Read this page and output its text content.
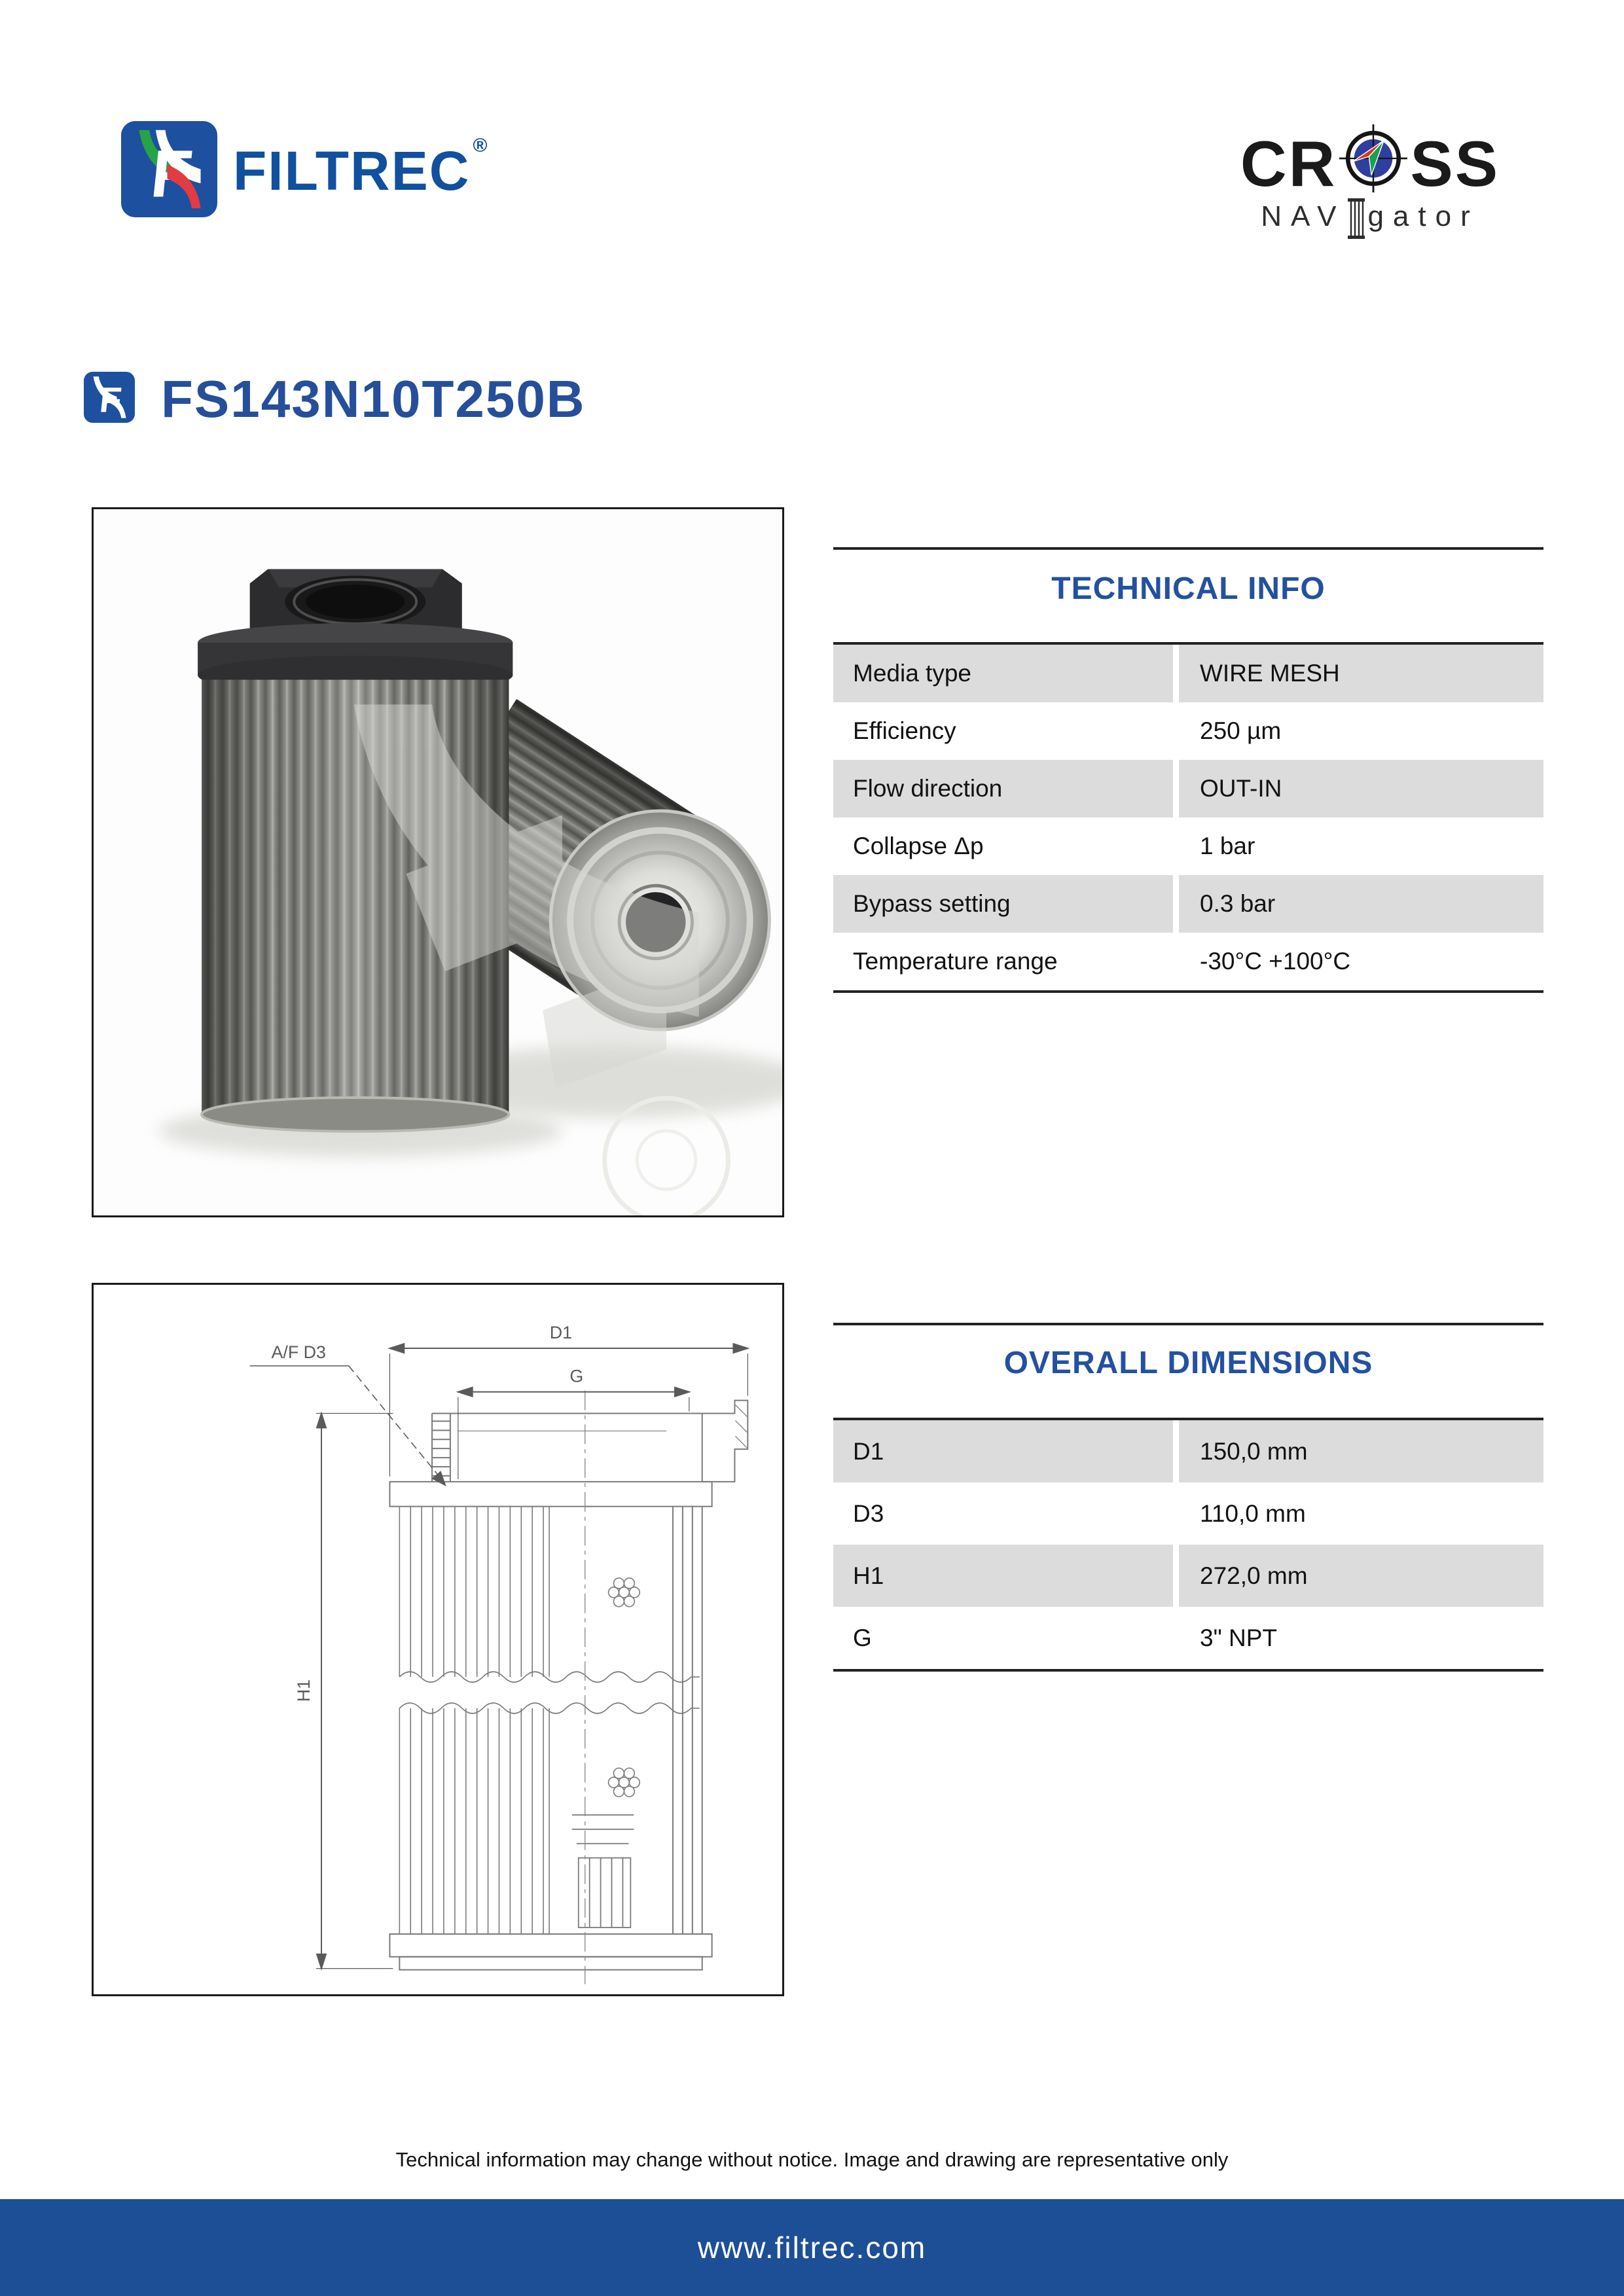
FILTREC ®	CR SS
NAV gator
FS143N10T250B
TECHNICAL INFO
Media type	WIRE MESH
Efficiency	250 µm
Flow direction	OUT-IN
Collapse Δp	1 bar
Bypass setting	0.3 bar
Temperature range	-30°C +100°C
D1
G
A/F D3
H1
OVERALL DIMENSIONS
D1	150,0 mm
D3	110,0 mm
H1	272,0 mm
G	3" NPT
Technical information may change without notice. Image and drawing are representative only
www.filtrec.com
